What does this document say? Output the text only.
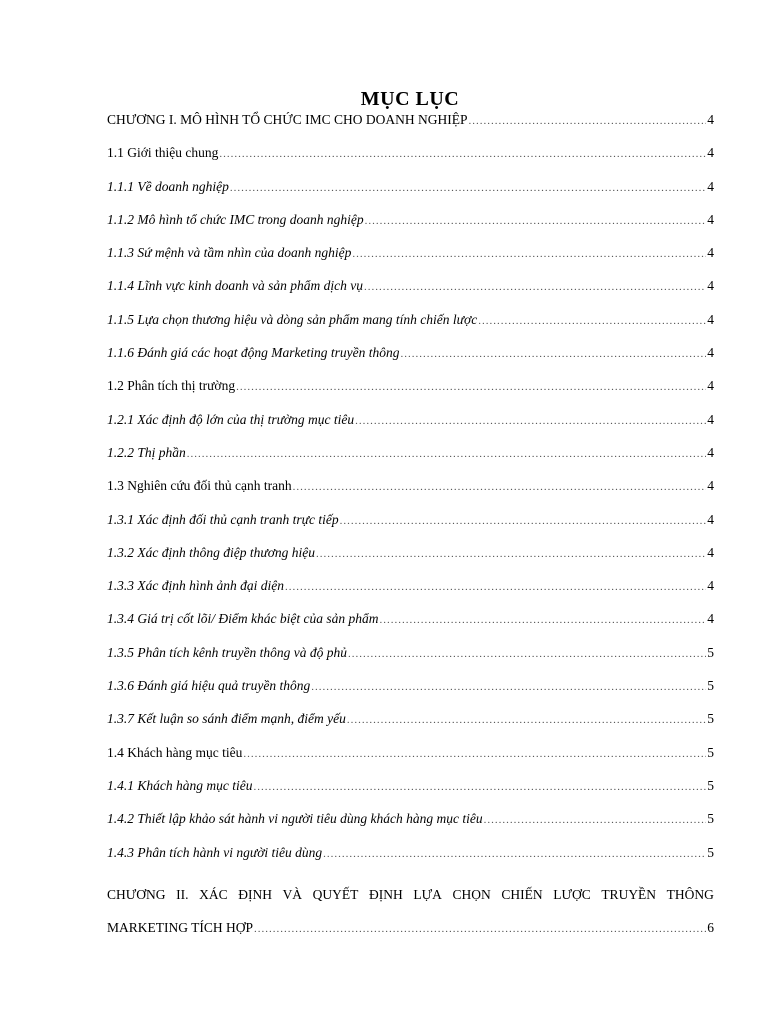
MỤC LỤC
CHƯƠNG I. MÔ HÌNH TỔ CHỨC IMC CHO DOANH NGHIỆP .....	4
1.1 Giới thiệu chung .....	4
1.1.1 Về doanh nghiệp .....	4
1.1.2 Mô hình tổ chức IMC trong doanh nghiệp .....	4
1.1.3 Sứ mệnh và tầm nhìn của doanh nghiệp .....	4
1.1.4 Lĩnh vực kinh doanh và sản phẩm dịch vụ .....	4
1.1.5 Lựa chọn thương hiệu và dòng sản phẩm mang tính chiến lược .....	4
1.1.6 Đánh giá các hoạt động Marketing truyền thông .....	4
1.2 Phân tích thị trường .....	4
1.2.1 Xác định độ lớn của thị trường mục tiêu .....	4
1.2.2 Thị phần .....	4
1.3 Nghiên cứu đối thủ cạnh tranh .....	4
1.3.1 Xác định đối thủ cạnh tranh trực tiếp .....	4
1.3.2 Xác định thông điệp thương hiệu .....	4
1.3.3 Xác định hình ảnh đại diện .....	4
1.3.4 Giá trị cốt lõi/ Điểm khác biệt của sản phẩm .....	4
1.3.5 Phân tích kênh truyền thông và độ phủ .....	5
1.3.6 Đánh giá hiệu quả truyền thông .....	5
1.3.7 Kết luận so sánh điểm mạnh, điểm yếu .....	5
1.4 Khách hàng mục tiêu .....	5
1.4.1 Khách hàng mục tiêu .....	5
1.4.2 Thiết lập khảo sát hành vi người tiêu dùng khách hàng mục tiêu .....	5
1.4.3 Phân tích hành vi người tiêu dùng .....	5
CHƯƠNG II. XÁC ĐỊNH VÀ QUYẾT ĐỊNH LỰA CHỌN CHIẾN LƯỢC TRUYỀN THÔNG
MARKETING TÍCH HỢP .....	6
